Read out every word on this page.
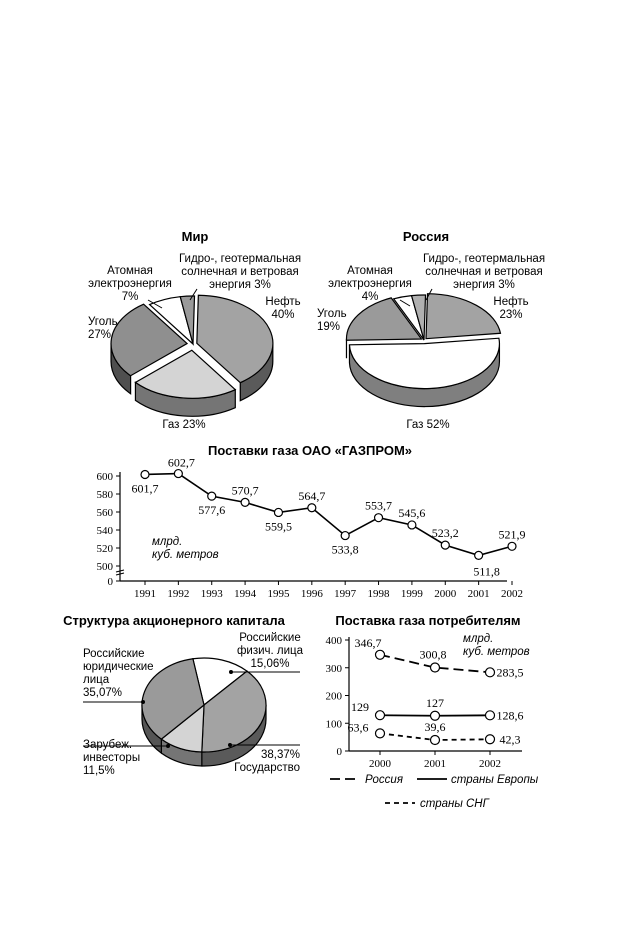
Мир
Нефть
40%
Газ 23%
Уголь
27%
Атомная
электроэнергия
7%
Гидро-, геотермальная
солнечная и ветровая
энергия 3%
Россия
Нефть
23%
Газ 52%
Уголь
19%
Атомная
электроэнергия
4%
Гидро-, геотермальная
солнечная и ветровая
энергия 3%
Поставки газа ОАО «ГАЗПРОМ»
0
500
520
540
560
580
600
1991 1992 1993 1994 1995 1996 1997 1998 1999 2000 2001 2002
601,7
602,7
577,6
570,7
559,5
564,7
533,8
553,7
545,6
523,2
511,8
521,9
млрд.
куб. метров
Структура акционерного капитала
Российские
физич. лица
15,06%
38,37%
Государство
Зарубеж.
инвесторы
11,5%
Российские
юридические
лица
35,07%
Поставка газа потребителям
0
100
200
300
400
2000	2001	2002
346,7
300,8
283,5
129	127
128,6
63,6	39,6
42,3
млрд.
куб. метров
Россия	страны Европы
страны СНГ
